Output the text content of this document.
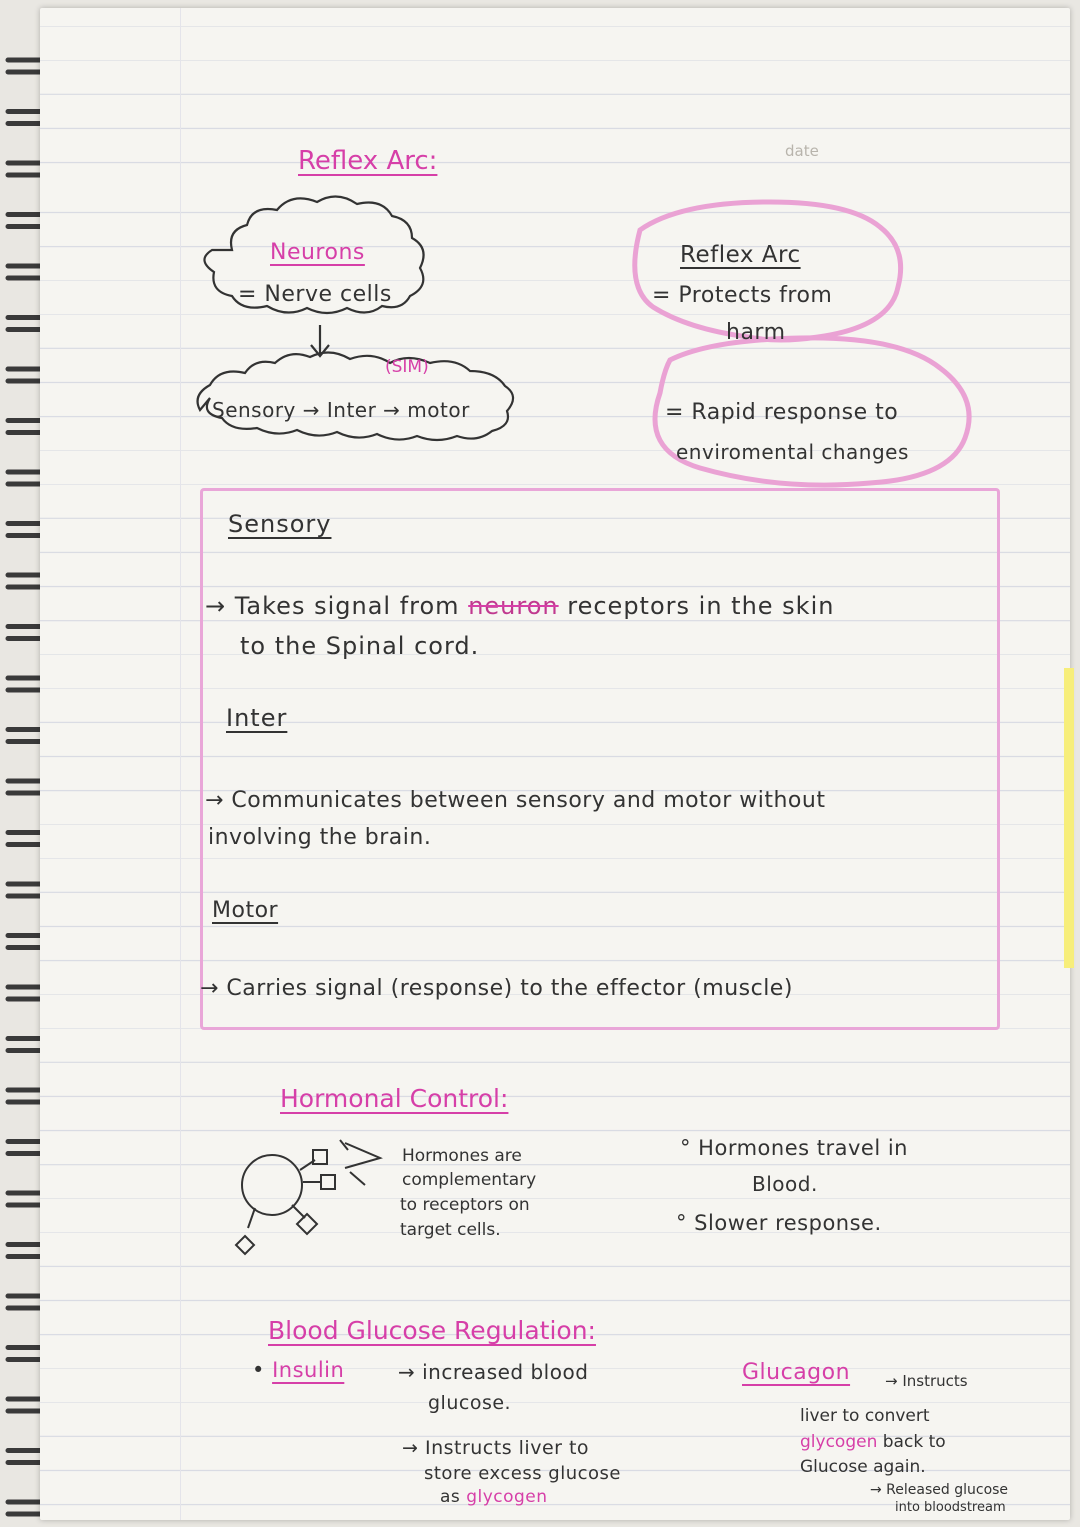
Reflex Arc:	date
Neurons
= Nerve cells
(SIM)
Sensory → Inter → motor
Reflex Arc
= Protects from
harm
= Rapid response to
enviromental changes
Sensory
→ Takes signal from neuron receptors in the skin
to the Spinal cord.
Inter
→ Communicates between sensory and motor without
involving the brain.
Motor
→ Carries signal (response) to the effector (muscle)
Hormonal Control:
Hormones are
complementary
to receptors on
target cells.
° Hormones travel in
Blood.
° Slower response.
Blood Glucose Regulation:
• Insulin	→ increased blood
glucose.
→ Instructs liver to
store excess glucose
as glycogen
Glucagon → Instructs
liver to convert
glycogen back to
Glucose again.
→ Released glucose
into bloodstream
